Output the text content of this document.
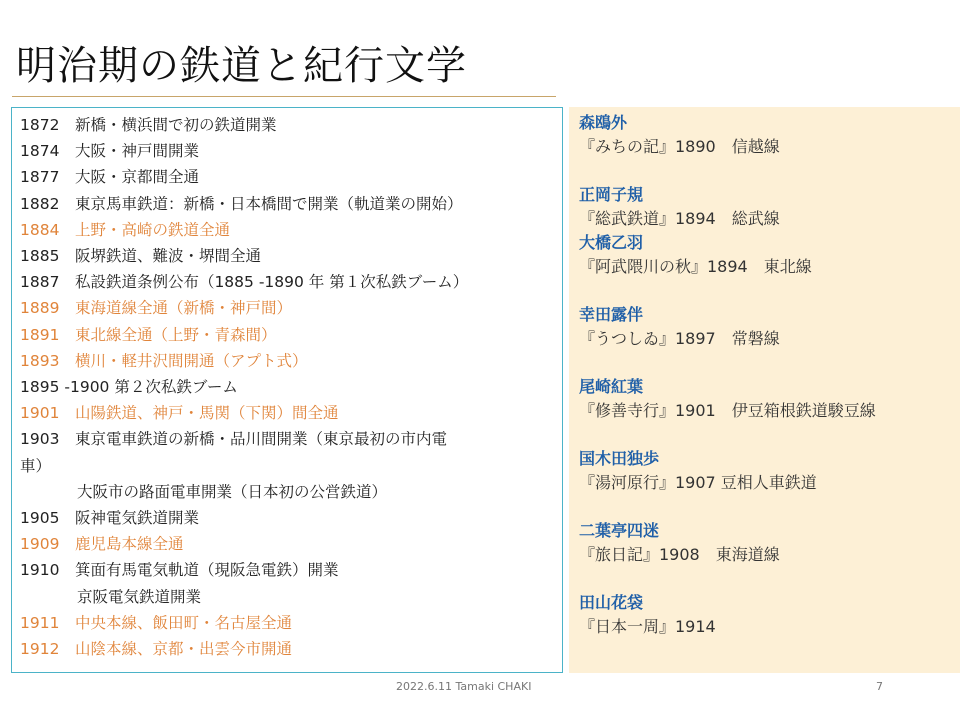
明治期の鉄道と紀行文学
1872　新橋・横浜間で初の鉄道開業
1874　大阪・神戸間開業
1877　大阪・京都間全通
1882　東京馬車鉄道：新橋・日本橋間で開業（軌道業の開始）
1884　上野・高崎の鉄道全通
1885　阪堺鉄道、難波・堺間全通
1887　私設鉄道条例公布（1885 -1890 年 第１次私鉄ブーム）
1889　東海道線全通（新橋・神戸間）
1891　東北線全通（上野・青森間）
1893　横川・軽井沢間開通（アプト式）
1895 -1900 第２次私鉄ブーム
1901　山陽鉄道、神戸・馬関（下関）間全通
1903　東京電車鉄道の新橋・品川間開業（東京最初の市内電
車）
大阪市の路面電車開業（日本初の公営鉄道）
1905　阪神電気鉄道開業
1909　鹿児島本線全通
1910　箕面有馬電気軌道（現阪急電鉄）開業
京阪電気鉄道開業
1911　中央本線、飯田町・名古屋全通
1912　山陰本線、京都・出雲今市開通
森鴎外
『みちの記』1890　信越線
正岡子規
『総武鉄道』1894　総武線
大橋乙羽
『阿武隈川の秋』1894　東北線
幸田露伴
『うつしゐ』1897　常磐線
尾崎紅葉
『修善寺行』1901　伊豆箱根鉄道駿豆線
国木田独歩
『湯河原行』1907 豆相人車鉄道
二葉亭四迷
『旅日記』1908　東海道線
田山花袋
『日本一周』1914
2022.6.11 Tamaki CHAKI	7
